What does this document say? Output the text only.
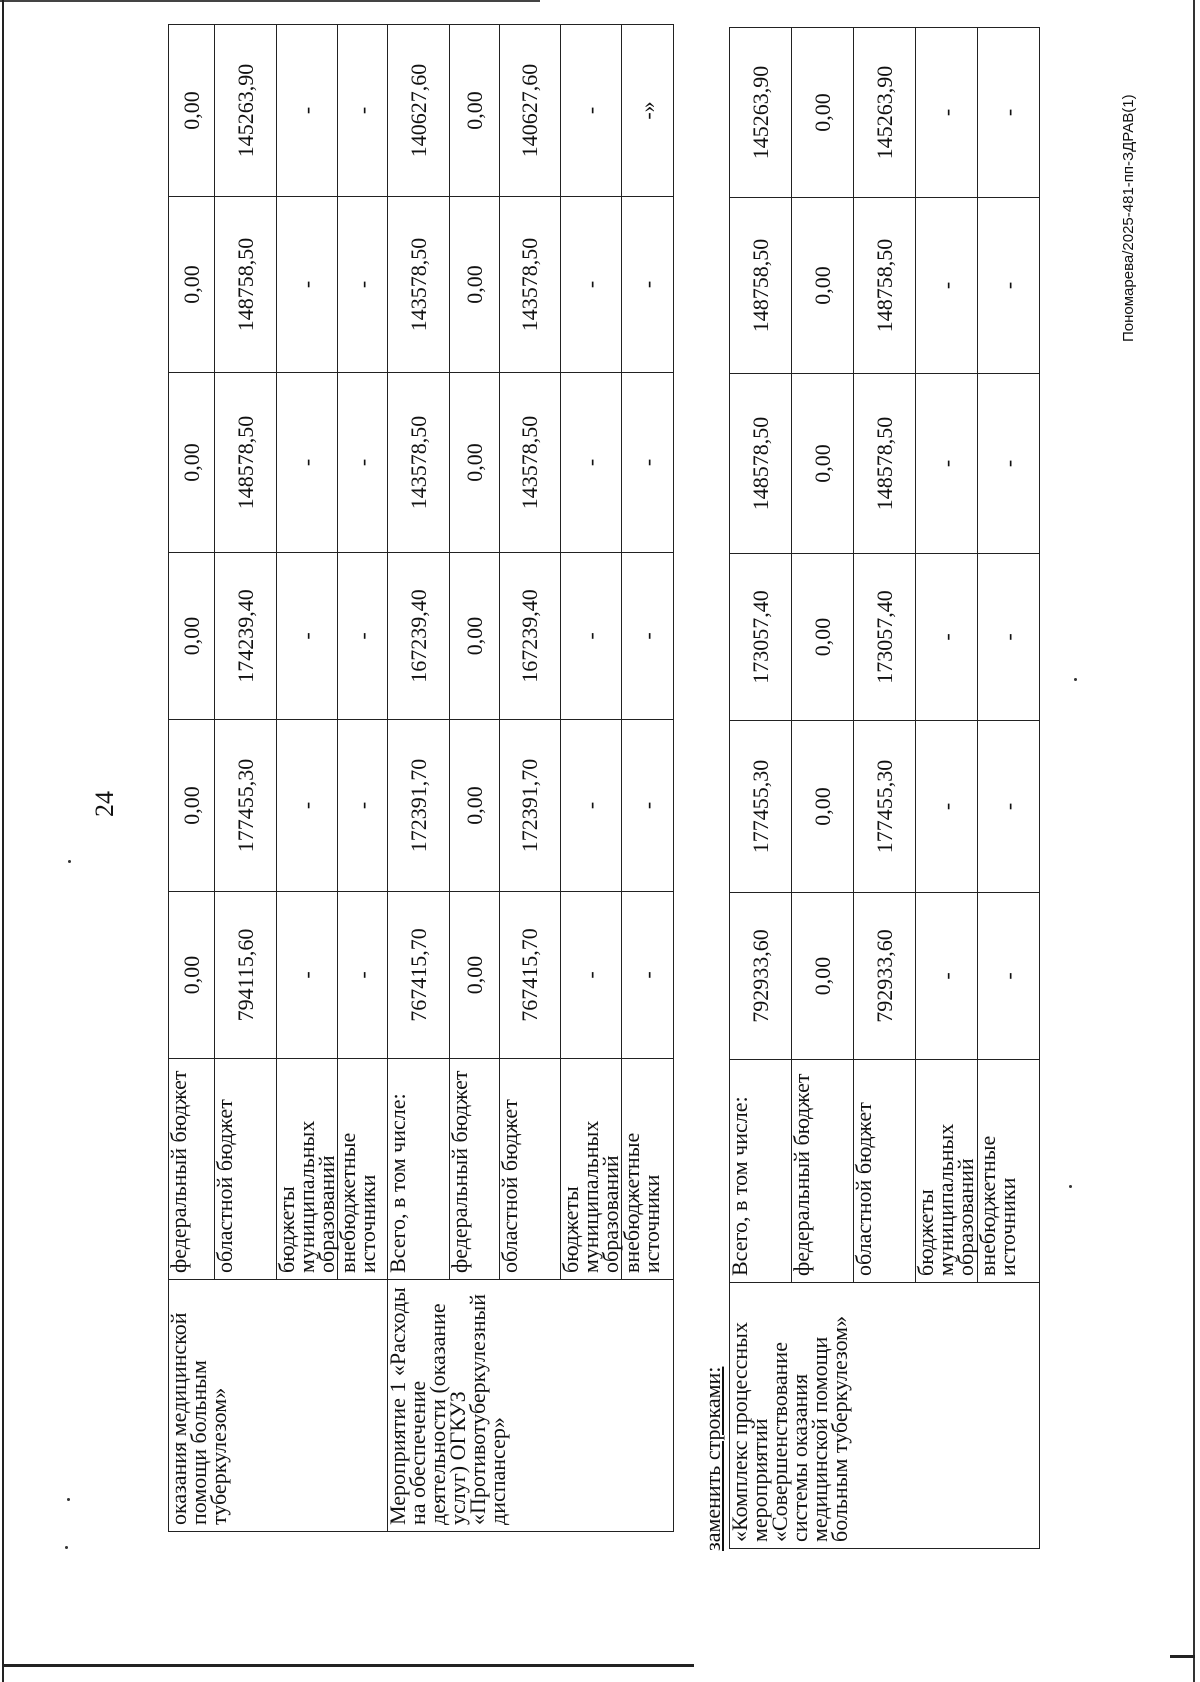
24
оказания медицинской помощи больным туберкулезом»	федеральный бюджет	0,00	0,00	0,00	0,00	0,00	0,00
	областной бюджет	794115,60	177455,30	174239,40	148578,50	148758,50	145263,90
	бюджеты муниципальных образований	-	-	-	-	-	-
	внебюджетные источники	-	-	-	-	-	-
Мероприятие 1 «Расходы на обеспечение деятельности (оказание услуг) ОГКУЗ «Противотуберкулезный диспансер»	Всего, в том числе:	767415,70	172391,70	167239,40	143578,50	143578,50	140627,60
	федеральный бюджет	0,00	0,00	0,00	0,00	0,00	0,00
	областной бюджет	767415,70	172391,70	167239,40	143578,50	143578,50	140627,60
	бюджеты муниципальных образований	-	-	-	-	-	-
	внебюджетные источники	-	-	-	-	-	-»
заменить строками: «Комплекс процессных мероприятий «Совершенствование системы оказания медицинской помощи больным туберкулезом»	Всего, в том числе:	792933,60	177455,30	173057,40	148578,50	148758,50	145263,90
	федеральный бюджет	0,00	0,00	0,00	0,00	0,00	0,00
	областной бюджет	792933,60	177455,30	173057,40	148578,50	148758,50	145263,90
	бюджеты муниципальных образований	-	-	-	-	-	-
	внебюджетные источники	-	-	-	-	-	-	Пономарева/2025-481-пп-ЗДРАВ(1)
